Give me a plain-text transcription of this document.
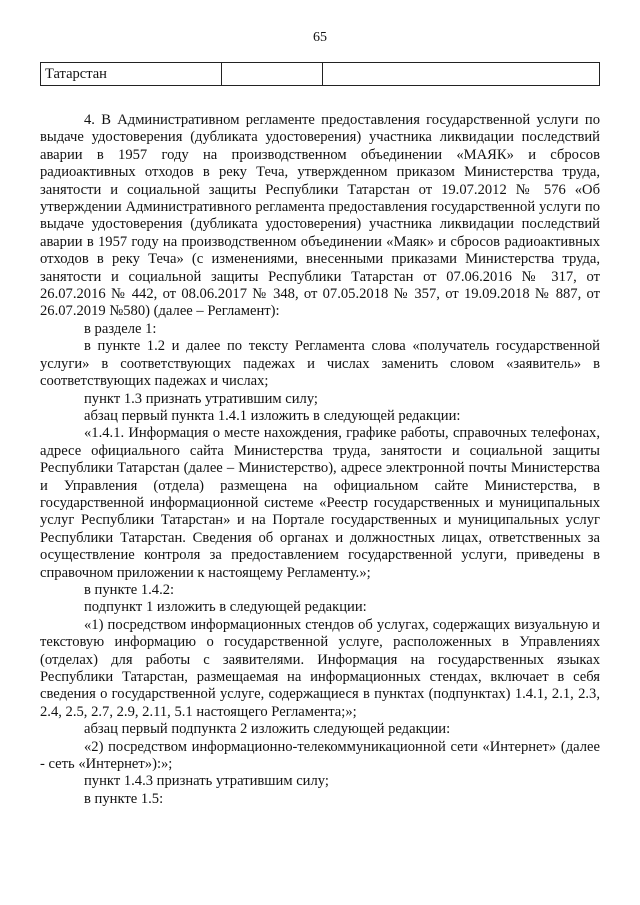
65
Татарстан		

4. В Административном регламенте предоставления государственной услуги по выдаче удостоверения (дубликата удостоверения) участника ликвидации последствий аварии в 1957 году на производственном объединении «МАЯК» и сбросов радиоактивных отходов в реку Теча, утвержденном приказом Министерства труда, занятости и социальной защиты Республики Татарстан от 19.07.2012 № 576 «Об утверждении Административного регламента предоставления государственной услуги по выдаче удостоверения (дубликата удостоверения) участника ликвидации последствий аварии в 1957 году на производственном объединении «Маяк» и сбросов радиоактивных отходов в реку Теча» (с изменениями, внесенными приказами Министерства труда, занятости и социальной защиты Республики Татарстан от 07.06.2016 № 317, от 26.07.2016 № 442, от 08.06.2017 № 348, от 07.05.2018 № 357, от 19.09.2018 № 887, от 26.07.2019 №580) (далее – Регламент):

в разделе 1:

в пункте 1.2 и далее по тексту Регламента слова «получатель государственной услуги» в соответствующих падежах и числах заменить словом «заявитель» в соответствующих падежах и числах;

пункт 1.3 признать утратившим силу;

абзац первый пункта 1.4.1 изложить в следующей редакции:

«1.4.1. Информация о месте нахождения, графике работы, справочных телефонах, адресе официального сайта Министерства труда, занятости и социальной защиты Республики Татарстан (далее – Министерство), адресе электронной почты Министерства и Управления (отдела) размещена на официальном сайте Министерства, в государственной информационной системе «Реестр государственных и муниципальных услуг Республики Татарстан» и на Портале государственных и муниципальных услуг Республики Татарстан. Сведения об органах и должностных лицах, ответственных за осуществление контроля за предоставлением государственной услуги, приведены в справочном приложении к настоящему Регламенту.»;

в пункте 1.4.2:

подпункт 1 изложить в следующей редакции:

«1) посредством информационных стендов об услугах, содержащих визуальную и текстовую информацию о государственной услуге, расположенных в Управлениях (отделах) для работы с заявителями. Информация на государственных языках Республики Татарстан, размещаемая на информационных стендах, включает в себя сведения о государственной услуге, содержащиеся в пунктах (подпунктах) 1.4.1, 2.1, 2.3, 2.4, 2.5, 2.7, 2.9, 2.11, 5.1 настоящего Регламента;»;

абзац первый подпункта 2 изложить следующей редакции:

«2) посредством информационно-телекоммуникационной сети «Интернет» (далее - сеть «Интернет»):»;

пункт 1.4.3 признать утратившим силу;

в пункте 1.5:
